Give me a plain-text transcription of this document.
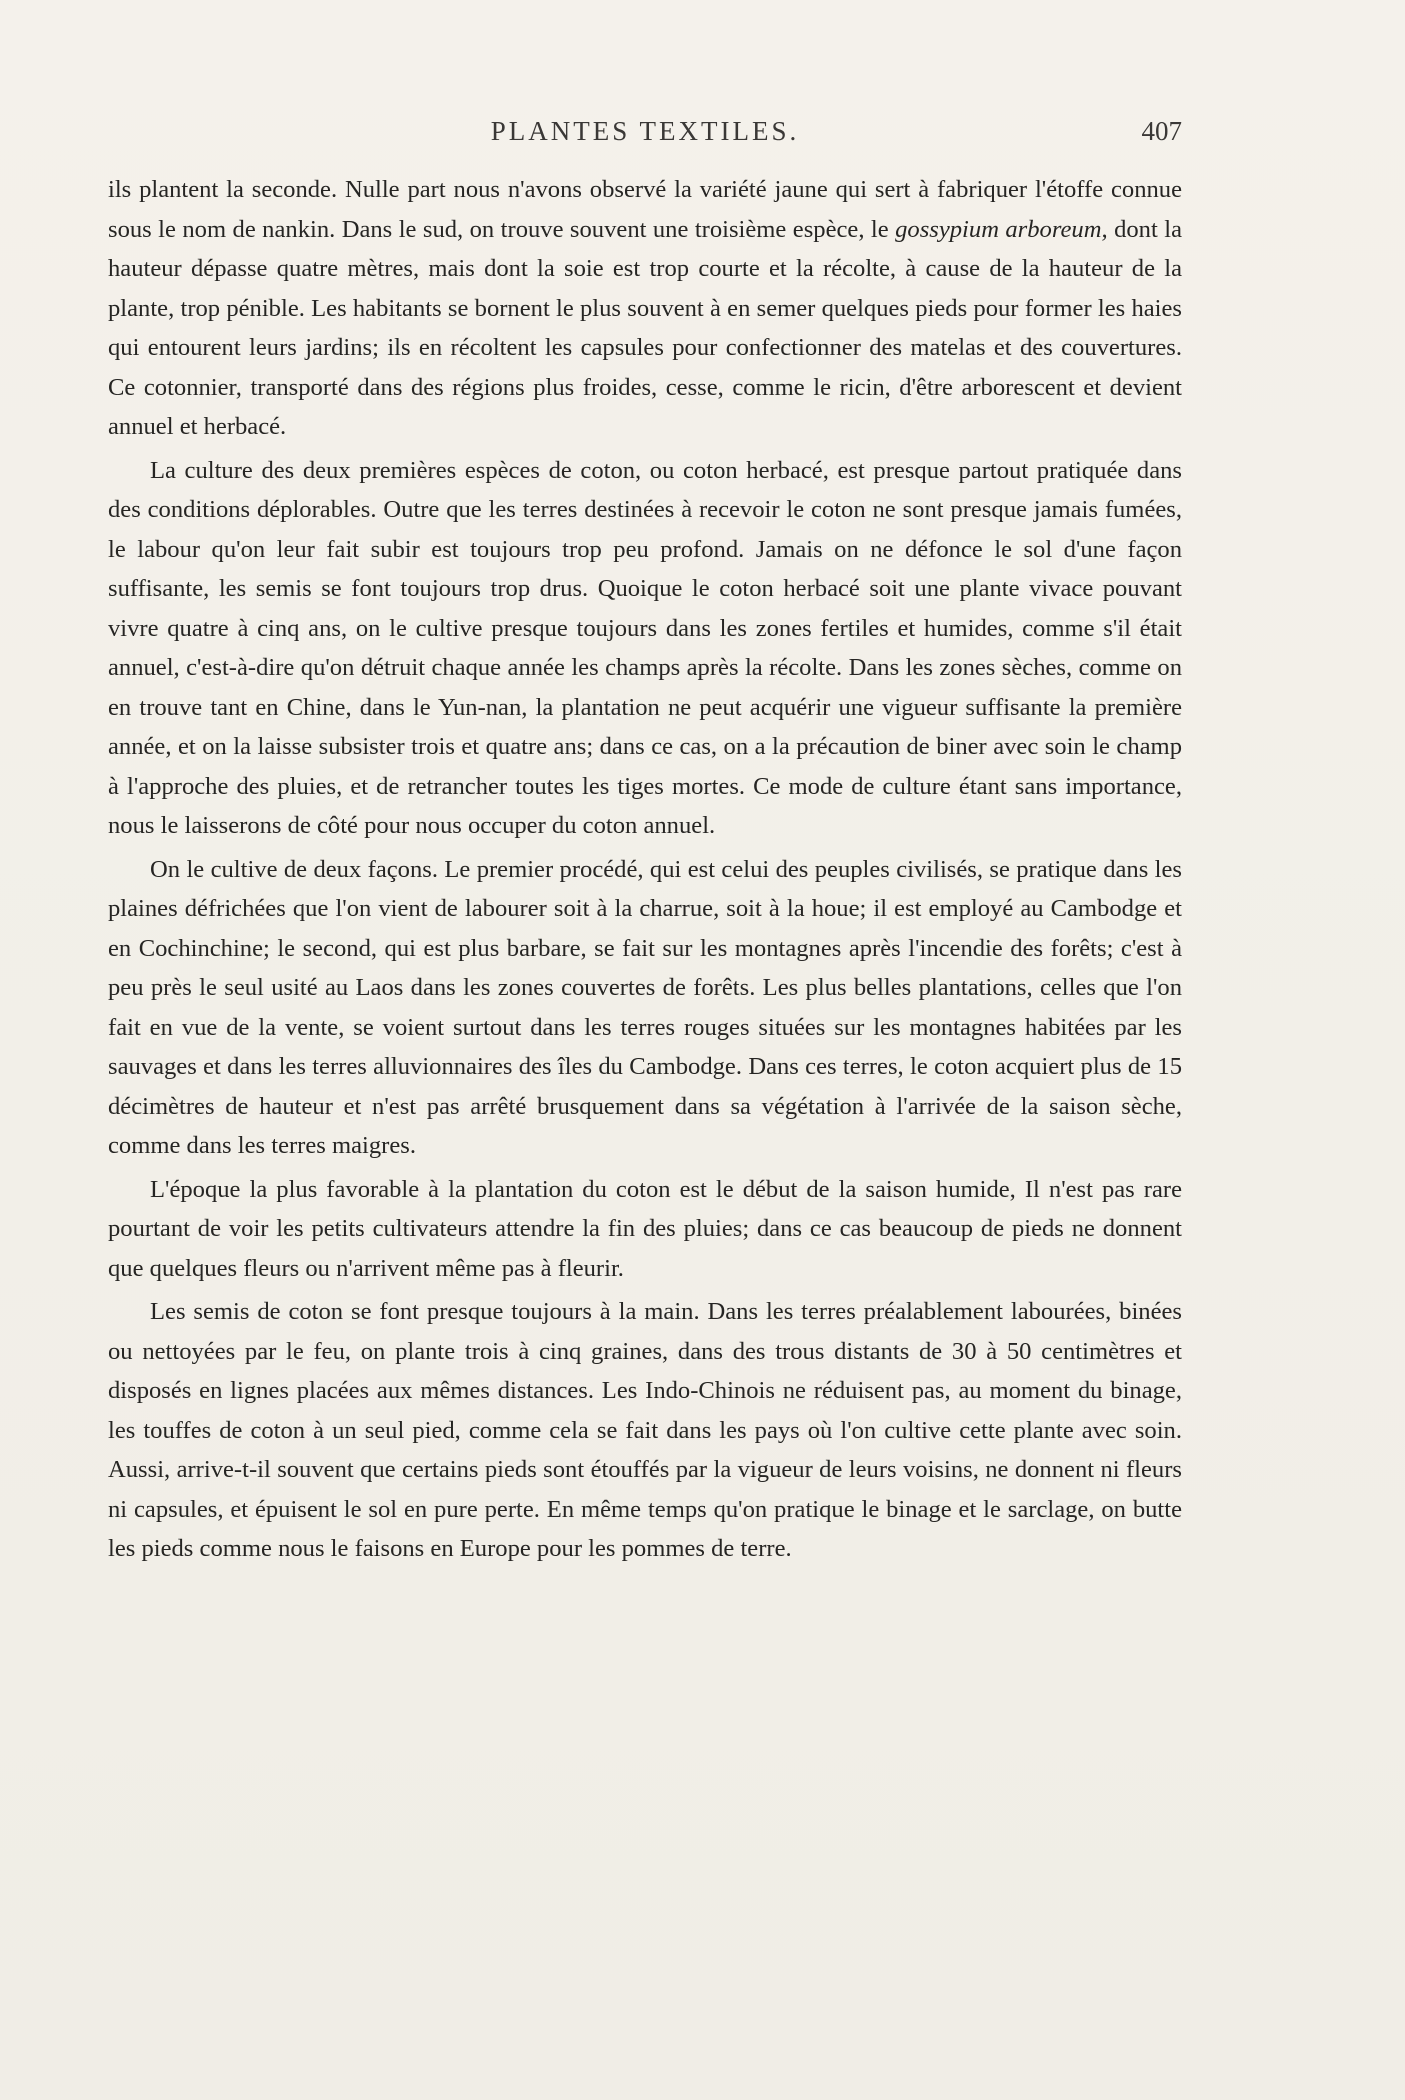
PLANTES TEXTILES.	407

ils plantent la seconde. Nulle part nous n'avons observé la variété jaune qui sert à fabriquer l'étoffe connue sous le nom de nankin. Dans le sud, on trouve souvent une troisième espèce, le gossypium arboreum, dont la hauteur dépasse quatre mètres, mais dont la soie est trop courte et la récolte, à cause de la hauteur de la plante, trop pénible. Les habitants se bornent le plus souvent à en semer quelques pieds pour former les haies qui entourent leurs jardins; ils en récoltent les capsules pour confectionner des matelas et des couvertures. Ce cotonnier, transporté dans des régions plus froides, cesse, comme le ricin, d'être arborescent et devient annuel et herbacé.

La culture des deux premières espèces de coton, ou coton herbacé, est presque partout pratiquée dans des conditions déplorables. Outre que les terres destinées à recevoir le coton ne sont presque jamais fumées, le labour qu'on leur fait subir est toujours trop peu profond. Jamais on ne défonce le sol d'une façon suffisante, les semis se font toujours trop drus. Quoique le coton herbacé soit une plante vivace pouvant vivre quatre à cinq ans, on le cultive presque toujours dans les zones fertiles et humides, comme s'il était annuel, c'est-à-dire qu'on détruit chaque année les champs après la récolte. Dans les zones sèches, comme on en trouve tant en Chine, dans le Yun-nan, la plantation ne peut acquérir une vigueur suffisante la première année, et on la laisse subsister trois et quatre ans; dans ce cas, on a la précaution de biner avec soin le champ à l'approche des pluies, et de retrancher toutes les tiges mortes. Ce mode de culture étant sans importance, nous le laisserons de côté pour nous occuper du coton annuel.

On le cultive de deux façons. Le premier procédé, qui est celui des peuples civilisés, se pratique dans les plaines défrichées que l'on vient de labourer soit à la charrue, soit à la houe; il est employé au Cambodge et en Cochinchine; le second, qui est plus barbare, se fait sur les montagnes après l'incendie des forêts; c'est à peu près le seul usité au Laos dans les zones couvertes de forêts. Les plus belles plantations, celles que l'on fait en vue de la vente, se voient surtout dans les terres rouges situées sur les montagnes habitées par les sauvages et dans les terres alluvionnaires des îles du Cambodge. Dans ces terres, le coton acquiert plus de 15 décimètres de hauteur et n'est pas arrêté brusquement dans sa végétation à l'arrivée de la saison sèche, comme dans les terres maigres.

L'époque la plus favorable à la plantation du coton est le début de la saison humide, Il n'est pas rare pourtant de voir les petits cultivateurs attendre la fin des pluies; dans ce cas beaucoup de pieds ne donnent que quelques fleurs ou n'arrivent même pas à fleurir.

Les semis de coton se font presque toujours à la main. Dans les terres préalablement labourées, binées ou nettoyées par le feu, on plante trois à cinq graines, dans des trous distants de 30 à 50 centimètres et disposés en lignes placées aux mêmes distances. Les Indo-Chinois ne réduisent pas, au moment du binage, les touffes de coton à un seul pied, comme cela se fait dans les pays où l'on cultive cette plante avec soin. Aussi, arrive-t-il souvent que certains pieds sont étouffés par la vigueur de leurs voisins, ne donnent ni fleurs ni capsules, et épuisent le sol en pure perte. En même temps qu'on pratique le binage et le sarclage, on butte les pieds comme nous le faisons en Europe pour les pommes de terre.
